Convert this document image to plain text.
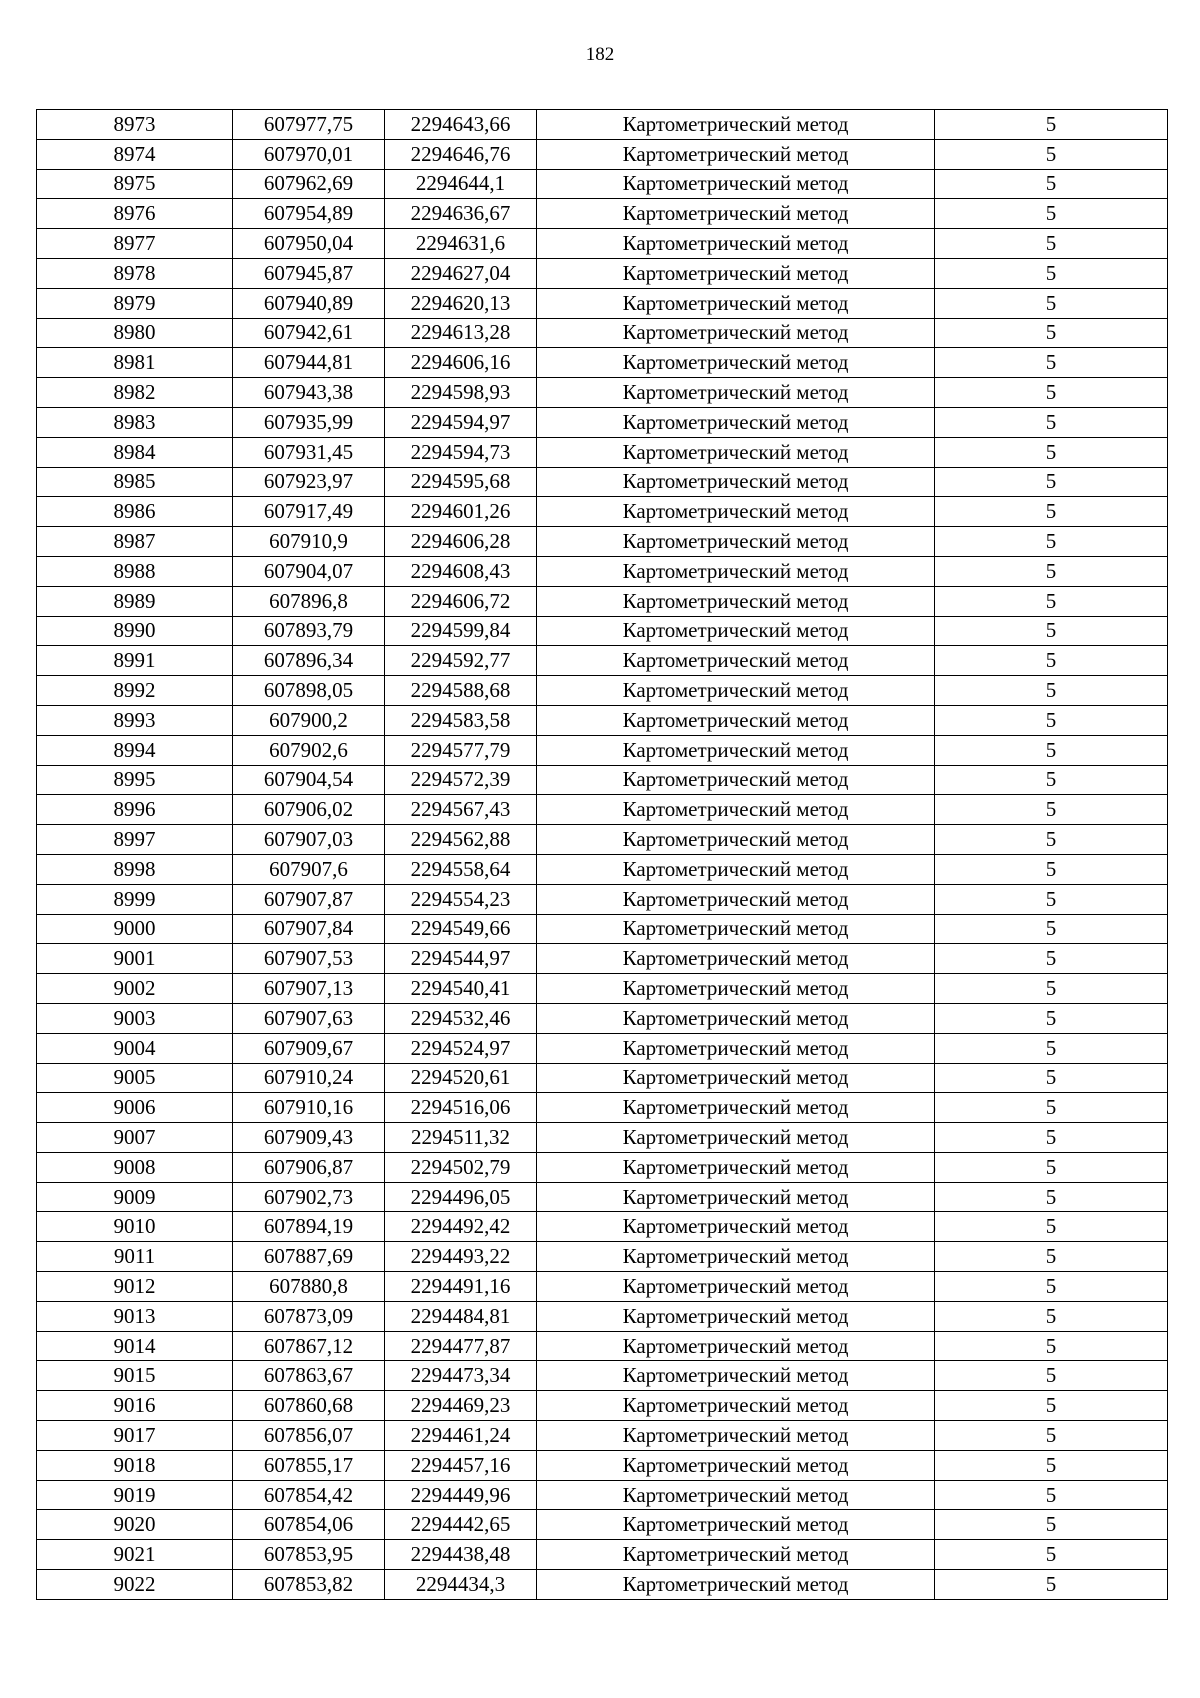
182
8973	607977,75	2294643,66	Картометрический метод	5
8974	607970,01	2294646,76	Картометрический метод	5
8975	607962,69	2294644,1	Картометрический метод	5
8976	607954,89	2294636,67	Картометрический метод	5
8977	607950,04	2294631,6	Картометрический метод	5
8978	607945,87	2294627,04	Картометрический метод	5
8979	607940,89	2294620,13	Картометрический метод	5
8980	607942,61	2294613,28	Картометрический метод	5
8981	607944,81	2294606,16	Картометрический метод	5
8982	607943,38	2294598,93	Картометрический метод	5
8983	607935,99	2294594,97	Картометрический метод	5
8984	607931,45	2294594,73	Картометрический метод	5
8985	607923,97	2294595,68	Картометрический метод	5
8986	607917,49	2294601,26	Картометрический метод	5
8987	607910,9	2294606,28	Картометрический метод	5
8988	607904,07	2294608,43	Картометрический метод	5
8989	607896,8	2294606,72	Картометрический метод	5
8990	607893,79	2294599,84	Картометрический метод	5
8991	607896,34	2294592,77	Картометрический метод	5
8992	607898,05	2294588,68	Картометрический метод	5
8993	607900,2	2294583,58	Картометрический метод	5
8994	607902,6	2294577,79	Картометрический метод	5
8995	607904,54	2294572,39	Картометрический метод	5
8996	607906,02	2294567,43	Картометрический метод	5
8997	607907,03	2294562,88	Картометрический метод	5
8998	607907,6	2294558,64	Картометрический метод	5
8999	607907,87	2294554,23	Картометрический метод	5
9000	607907,84	2294549,66	Картометрический метод	5
9001	607907,53	2294544,97	Картометрический метод	5
9002	607907,13	2294540,41	Картометрический метод	5
9003	607907,63	2294532,46	Картометрический метод	5
9004	607909,67	2294524,97	Картометрический метод	5
9005	607910,24	2294520,61	Картометрический метод	5
9006	607910,16	2294516,06	Картометрический метод	5
9007	607909,43	2294511,32	Картометрический метод	5
9008	607906,87	2294502,79	Картометрический метод	5
9009	607902,73	2294496,05	Картометрический метод	5
9010	607894,19	2294492,42	Картометрический метод	5
9011	607887,69	2294493,22	Картометрический метод	5
9012	607880,8	2294491,16	Картометрический метод	5
9013	607873,09	2294484,81	Картометрический метод	5
9014	607867,12	2294477,87	Картометрический метод	5
9015	607863,67	2294473,34	Картометрический метод	5
9016	607860,68	2294469,23	Картометрический метод	5
9017	607856,07	2294461,24	Картометрический метод	5
9018	607855,17	2294457,16	Картометрический метод	5
9019	607854,42	2294449,96	Картометрический метод	5
9020	607854,06	2294442,65	Картометрический метод	5
9021	607853,95	2294438,48	Картометрический метод	5
9022	607853,82	2294434,3	Картометрический метод	5
